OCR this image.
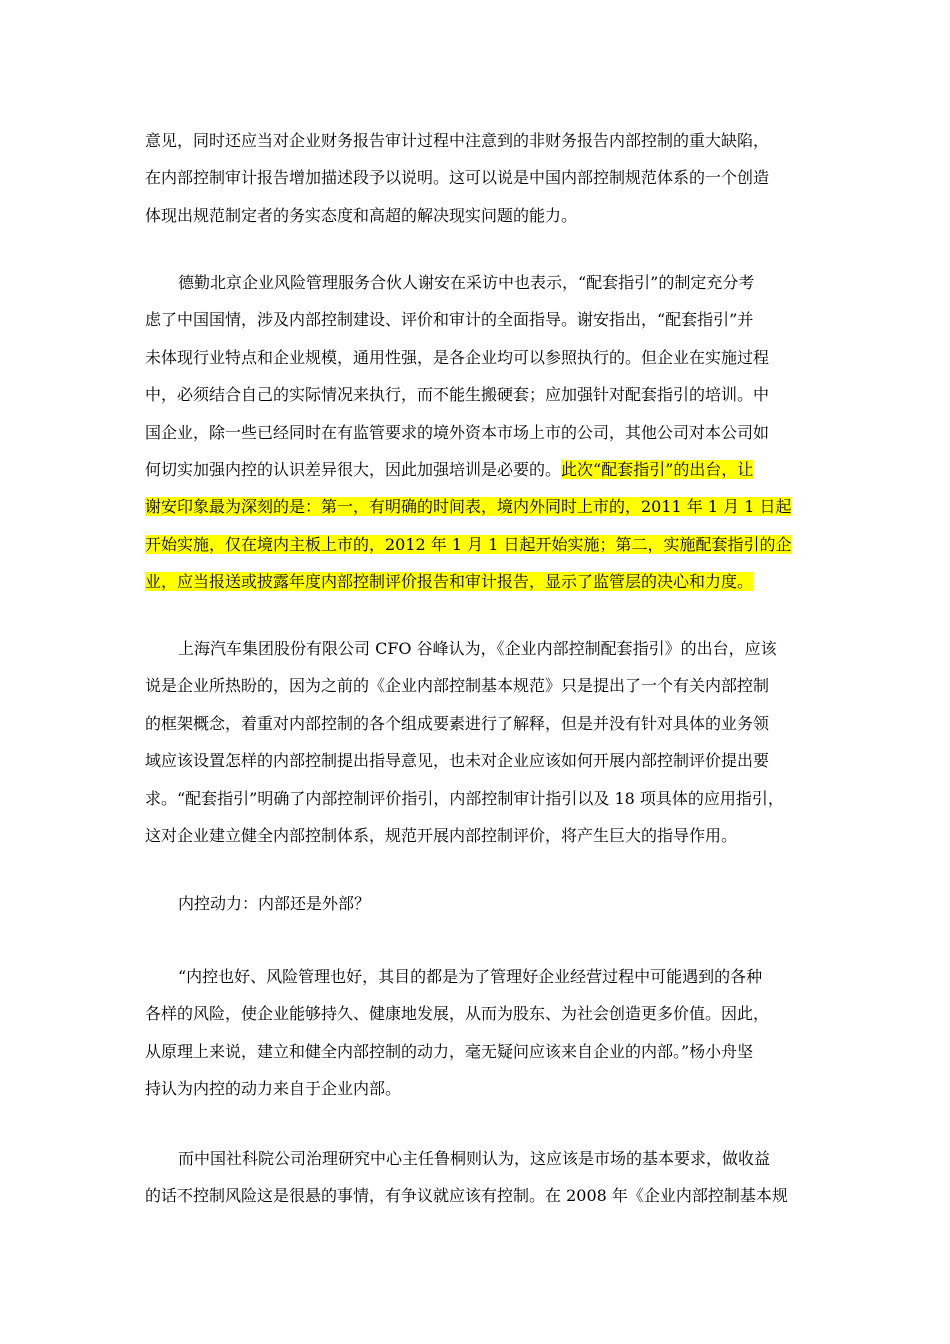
意见，同时还应当对企业财务报告审计过程中注意到的非财务报告内部控制的重大缺陷，
在内部控制审计报告增加描述段予以说明。这可以说是中国内部控制规范体系的一个创造
体现出规范制定者的务实态度和高超的解决现实问题的能力。
德勤北京企业风险管理服务合伙人谢安在采访中也表示，“配套指引”的制定充分考
虑了中国国情，涉及内部控制建设、评价和审计的全面指导。谢安指出，“配套指引”并
未体现行业特点和企业规模，通用性强，是各企业均可以参照执行的。但企业在实施过程
中，必须结合自己的实际情况来执行，而不能生搬硬套；应加强针对配套指引的培训。中
国企业，除一些已经同时在有监管要求的境外资本市场上市的公司，其他公司对本公司如
何切实加强内控的认识差异很大，因此加强培训是必要的。此次“配套指引”的出台，让
谢安印象最为深刻的是：第一，有明确的时间表，境内外同时上市的，2011 年 1 月 1 日起
开始实施，仅在境内主板上市的，2012 年 1 月 1 日起开始实施；第二，实施配套指引的企
业，应当报送或披露年度内部控制评价报告和审计报告，显示了监管层的决心和力度。
上海汽车集团股份有限公司 CFO 谷峰认为，《企业内部控制配套指引》的出台，应该
说是企业所热盼的，因为之前的《企业内部控制基本规范》只是提出了一个有关内部控制
的框架概念，着重对内部控制的各个组成要素进行了解释，但是并没有针对具体的业务领
域应该设置怎样的内部控制提出指导意见，也未对企业应该如何开展内部控制评价提出要
求。“配套指引”明确了内部控制评价指引，内部控制审计指引以及 18 项具体的应用指引，
这对企业建立健全内部控制体系，规范开展内部控制评价，将产生巨大的指导作用。
内控动力：内部还是外部？
“内控也好、风险管理也好，其目的都是为了管理好企业经营过程中可能遇到的各种
各样的风险，使企业能够持久、健康地发展，从而为股东、为社会创造更多价值。因此，
从原理上来说，建立和健全内部控制的动力，毫无疑问应该来自企业的内部。”杨小舟坚
持认为内控的动力来自于企业内部。
而中国社科院公司治理研究中心主任鲁桐则认为，这应该是市场的基本要求，做收益
的话不控制风险这是很悬的事情，有争议就应该有控制。在 2008 年《企业内部控制基本规
